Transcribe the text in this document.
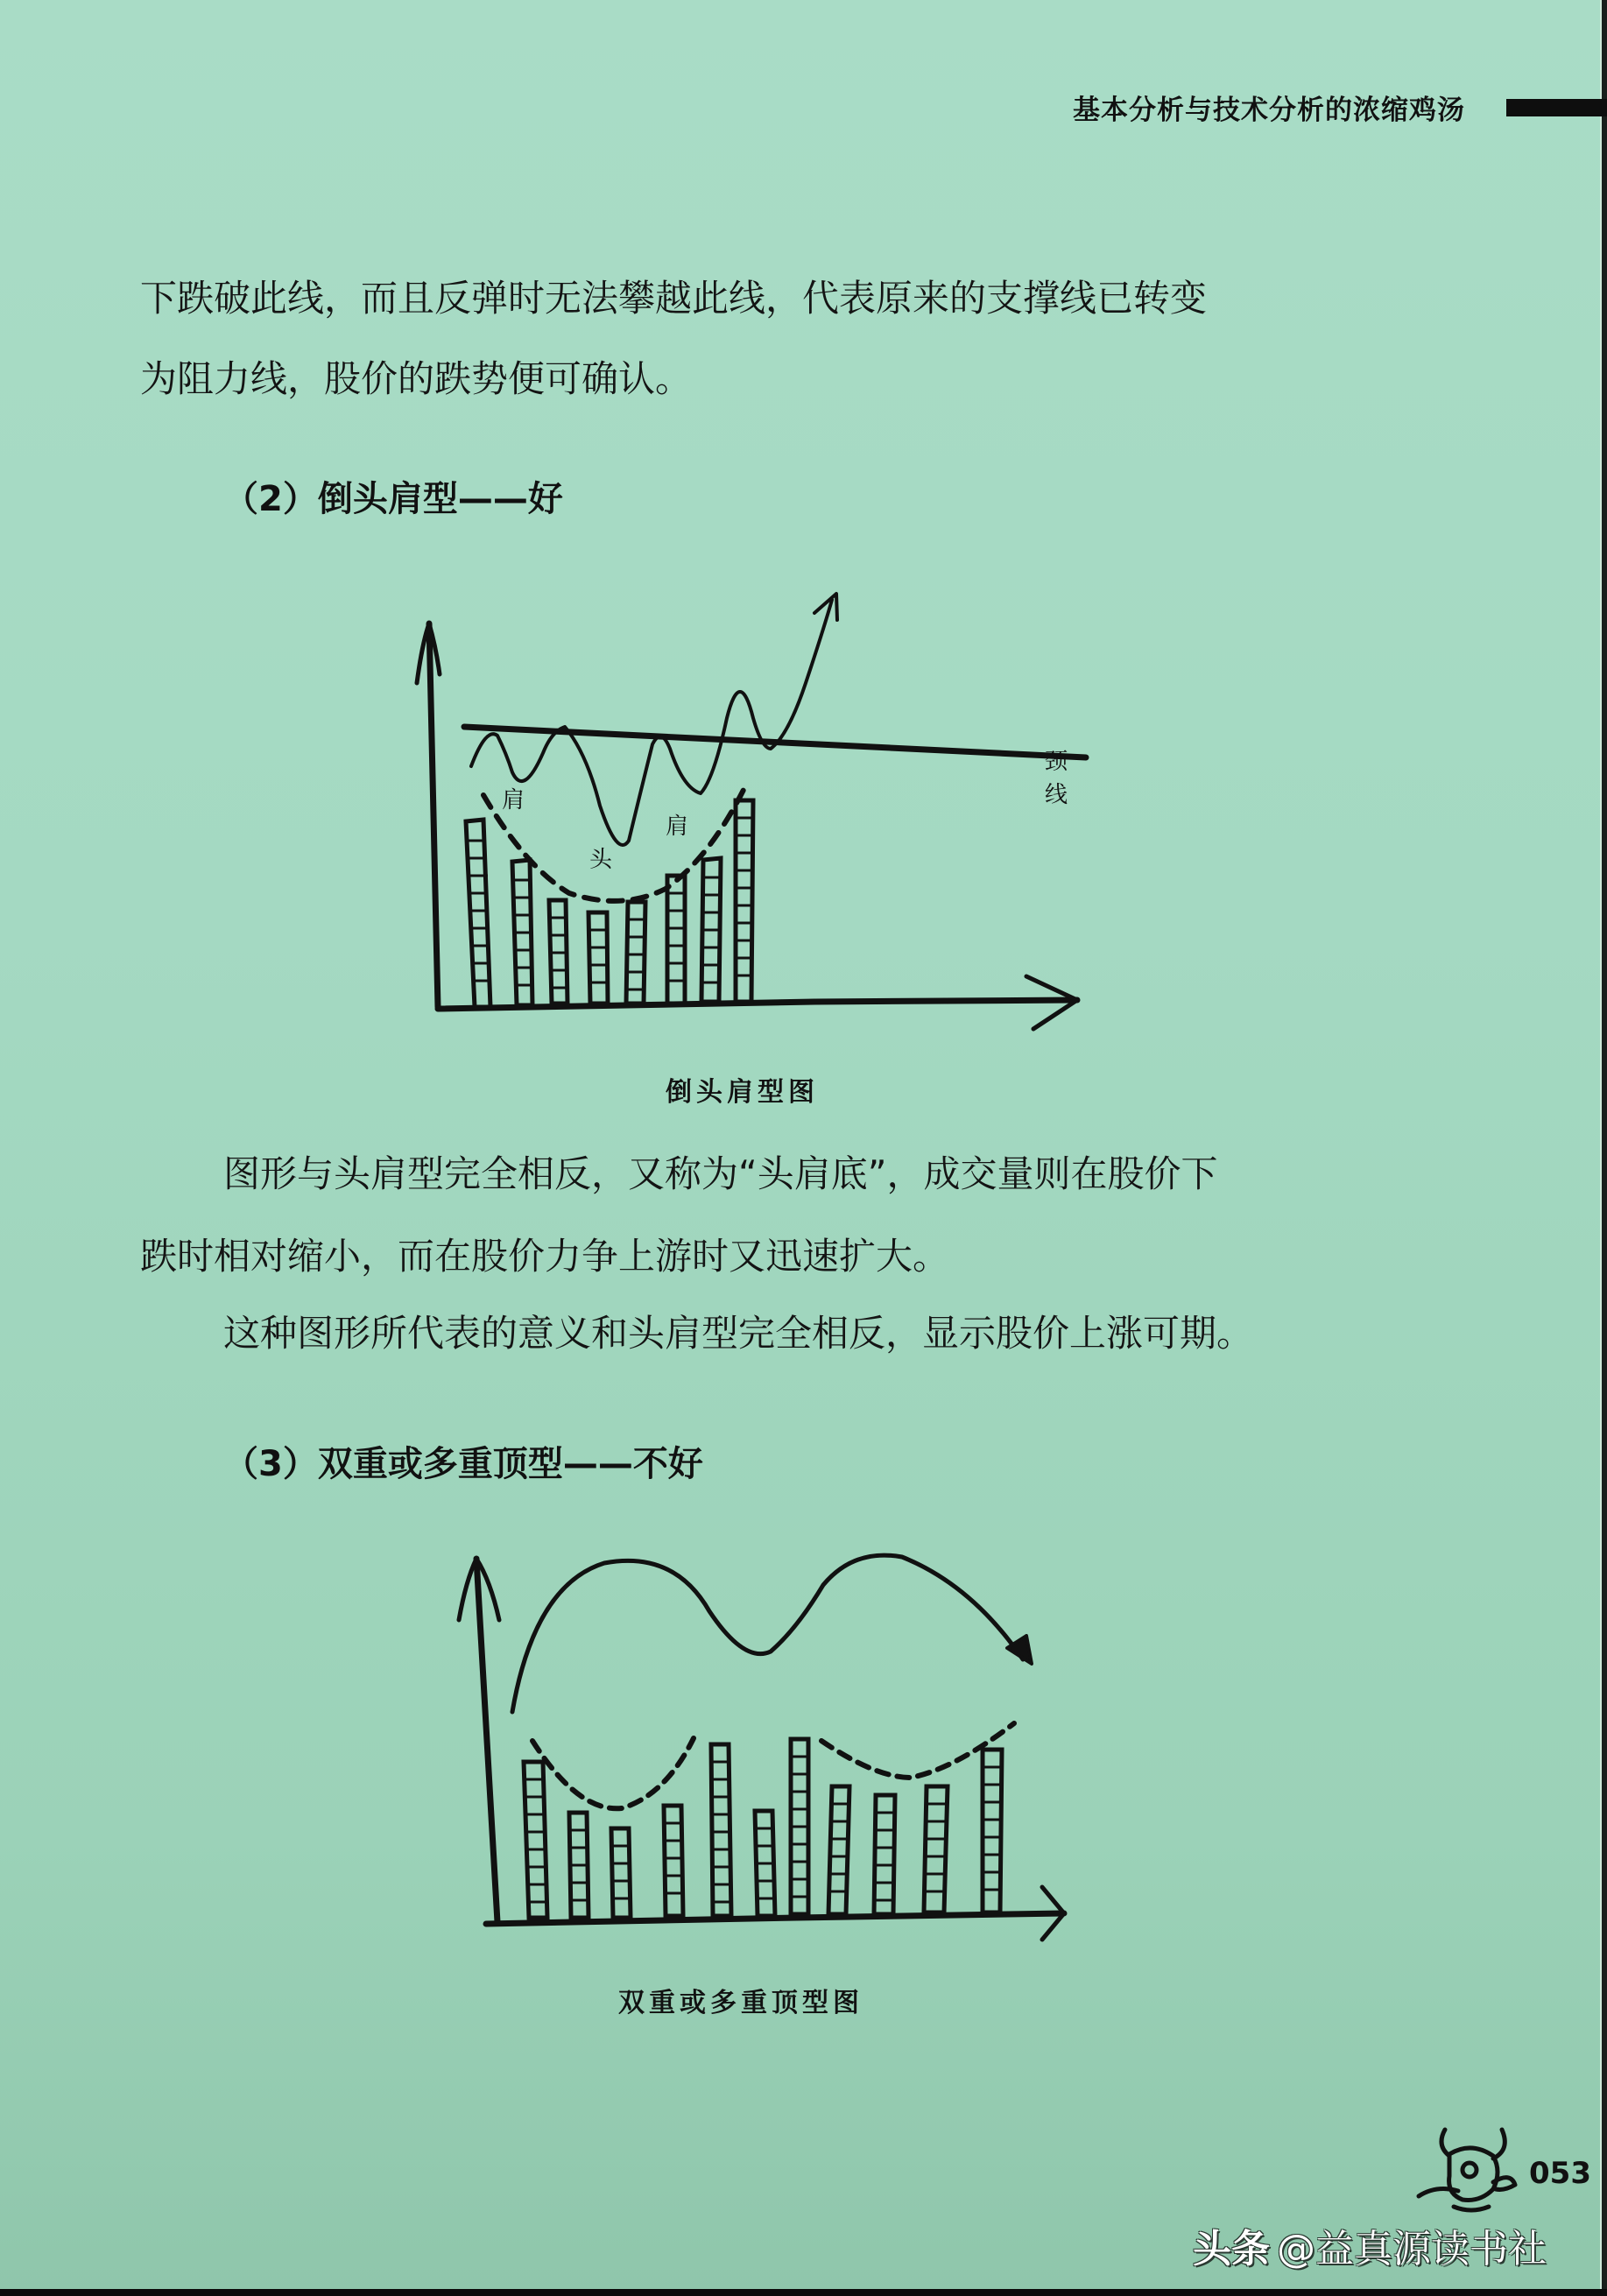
基本分析与技术分析的浓缩鸡汤
下跌破此线，而且反弹时无法攀越此线，代表原来的支撑线已转变
为阻力线，股价的跌势便可确认。
（2）倒头肩型——好
肩
头
肩
颈
线
倒头肩型图
图形与头肩型完全相反，又称为“头肩底”，成交量则在股价下
跌时相对缩小，而在股价力争上游时又迅速扩大。
这种图形所代表的意义和头肩型完全相反，显示股价上涨可期。
（3）双重或多重顶型——不好
双重或多重顶型图
053
头条 @益真源读书社
